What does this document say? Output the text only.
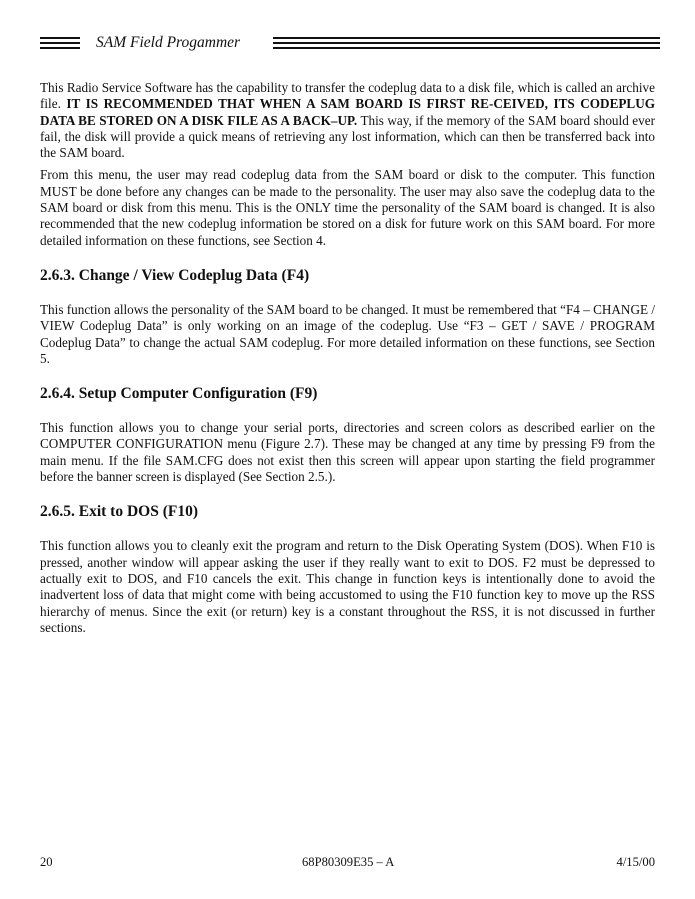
SAM Field Progammer

This Radio Service Software has the capability to transfer the codeplug data to a disk file, which is called an archive file. IT IS RECOMMENDED THAT WHEN A SAM BOARD IS FIRST RE-CEIVED, ITS CODEPLUG DATA BE STORED ON A DISK FILE AS A BACK–UP. This way, if the memory of the SAM board should ever fail, the disk will provide a quick means of retrieving any lost information, which can then be transferred back into the SAM board.

From this menu, the user may read codeplug data from the SAM board or disk to the computer. This function MUST be done before any changes can be made to the personality. The user may also save the codeplug data to the SAM board or disk from this menu. This is the ONLY time the personality of the SAM board is changed. It is also recommended that the new codeplug information be stored on a disk for future work on this SAM board. For more detailed information on these functions, see Section 4.

2.6.3. Change / View Codeplug Data (F4)

This function allows the personality of the SAM board to be changed. It must be remembered that “F4 – CHANGE / VIEW Codeplug Data” is only working on an image of the codeplug. Use “F3 – GET / SAVE / PROGRAM Codeplug Data” to change the actual SAM codeplug. For more detailed information on these functions, see Section 5.

2.6.4. Setup Computer Configuration (F9)

This function allows you to change your serial ports, directories and screen colors as described earlier on the COMPUTER CONFIGURATION menu (Figure 2.7). These may be changed at any time by pressing F9 from the main menu. If the file SAM.CFG does not exist then this screen will appear upon starting the field programmer before the banner screen is displayed (See Section 2.5.).

2.6.5. Exit to DOS (F10)

This function allows you to cleanly exit the program and return to the Disk Operating System (DOS). When F10 is pressed, another window will appear asking the user if they really want to exit to DOS. F2 must be depressed to actually exit to DOS, and F10 cancels the exit. This change in function keys is intentionally done to avoid the inadvertent loss of data that might come with being accustomed to using the F10 function key to move up the RSS hierarchy of menus. Since the exit (or return) key is a constant throughout the RSS, it is not discussed in further sections.

20	68P80309E35 – A	4/15/00
